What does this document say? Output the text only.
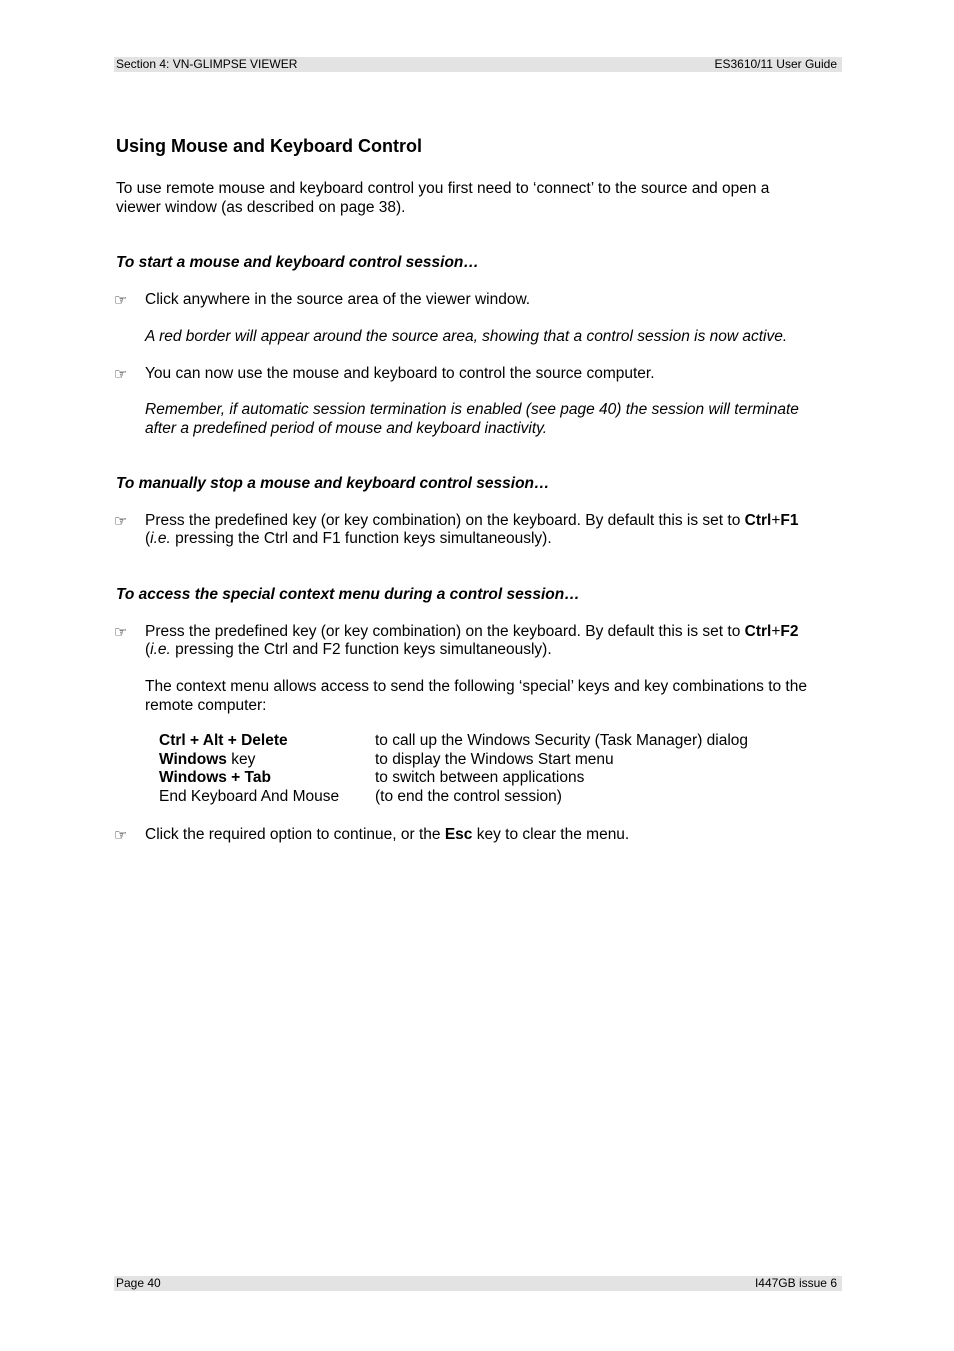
Section 4: VN-GLIMPSE VIEWER	ES3610/11 User Guide
Using Mouse and Keyboard Control
To use remote mouse and keyboard control you first need to ‘connect’ to the source and open a
viewer window (as described on page 38).
To start a mouse and keyboard control session…
☞	Click anywhere in the source area of the viewer window.
A red border will appear around the source area, showing that a control session is now active.
☞	You can now use the mouse and keyboard to control the source computer.
Remember, if automatic session termination is enabled (see page 40) the session will terminate
after a predefined period of mouse and keyboard inactivity.
To manually stop a mouse and keyboard control session…
☞	Press the predefined key (or key combination) on the keyboard. By default this is set to Ctrl+F1
(i.e. pressing the Ctrl and F1 function keys simultaneously).
To access the special context menu during a control session…
☞	Press the predefined key (or key combination) on the keyboard. By default this is set to Ctrl+F2
(i.e. pressing the Ctrl and F2 function keys simultaneously).
The context menu allows access to send the following ‘special’ keys and key combinations to the
remote computer:
Ctrl + Alt + Delete	to call up the Windows Security (Task Manager) dialog
Windows key	to display the Windows Start menu
Windows + Tab	to switch between applications
End Keyboard And Mouse	(to end the control session)
☞	Click the required option to continue, or the Esc key to clear the menu.
Page 40	I447GB issue 6
